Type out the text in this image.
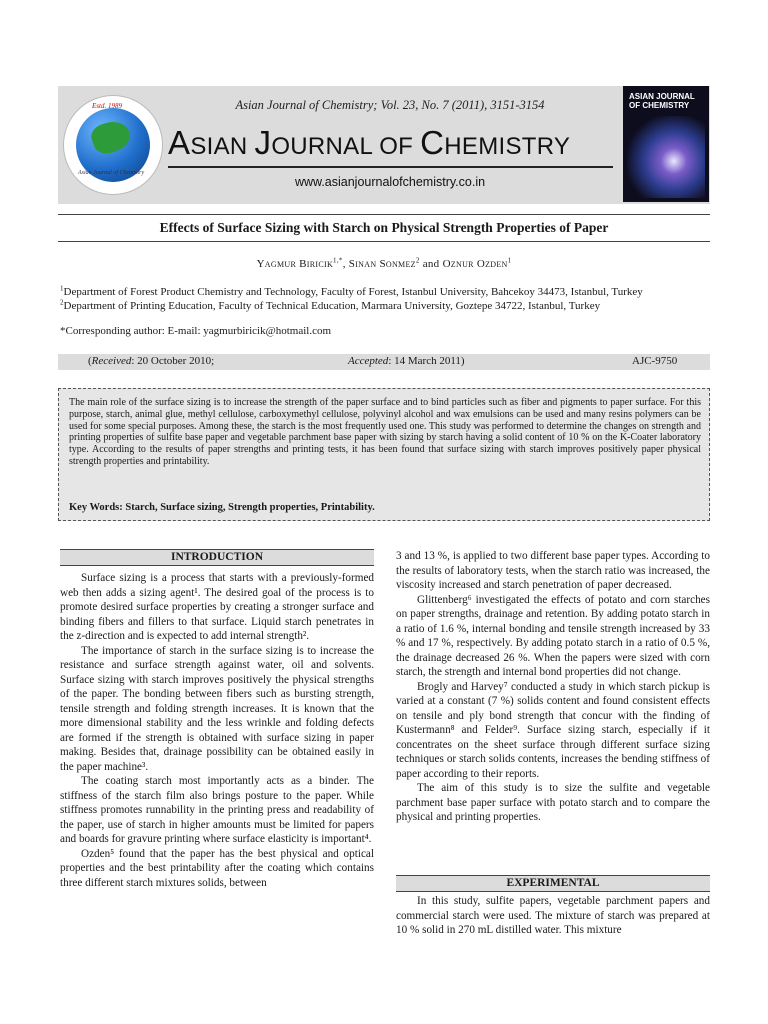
Estd. 1989
Asian Journal of Chemistry
Asian Journal of Chemistry; Vol. 23, No. 7 (2011), 3151-3154
ASIAN JOURNAL OF CHEMISTRY
www.asianjournalofchemistry.co.in
ASIAN JOURNAL OF CHEMISTRY
Effects of Surface Sizing with Starch on Physical Strength Properties of Paper
Yagmur Biricik$^{1,*}$, Sinan Sonmez$^2$ and Oznur Ozden$^1$
$^1$Department of Forest Product Chemistry and Technology, Faculty of Forest, Istanbul University, Bahcekoy 34473, Istanbul, Turkey
$^2$Department of Printing Education, Faculty of Technical Education, Marmara University, Goztepe 34722, Istanbul, Turkey
*Corresponding author: E-mail: yagmurbiricik@hotmail.com
(Received: 20 October 2010;	Accepted: 14 March 2011)	AJC-9750
The main role of the surface sizing is to increase the strength of the paper surface and to bind particles such as fiber and pigments to paper surface. For this purpose, starch, animal glue, methyl cellulose, carboxymethyl cellulose, polyvinyl alcohol and wax emulsions can be used and many resins polymers can be used for some special purposes. Among these, the starch is the most frequently used one. This study was performed to determine the changes on strength and printing properties of sulfite base paper and vegetable parchment base paper with sizing by starch having a solid content of 10 % on the K-Coater laboratory type. According to the results of paper strengths and printing tests, it has been found that surface sizing with starch improves positively paper physical strength properties and printability.
Key Words: Starch, Surface sizing, Strength properties, Printability.
INTRODUCTION

Surface sizing is a process that starts with a previously-formed web then adds a sizing agent¹. The desired goal of the process is to promote desired surface properties by creating a stronger surface and binding fibers and fillers to that surface. Liquid starch penetrates in the z-direction and is expected to add internal strength².

The importance of starch in the surface sizing is to increase the resistance and surface strength against water, oil and solvents. Surface sizing with starch improves positively the physical strengths of the paper. The bonding between fibers such as bursting strength, tensile strength and folding strength increases. It is known that the more dimensional stability and the less wrinkle and folding defects are formed if the strength is obtained with surface sizing in paper making. Besides that, drainage possibility can be obtained easily in the paper machine³.

The coating starch most importantly acts as a binder. The stiffness of the starch film also brings posture to the paper. While stiffness promotes runnability in the printing press and readability of the paper, use of starch in higher amounts must be limited for papers and boards for gravure printing where surface elasticity is important⁴.

Ozden⁵ found that the paper has the best physical and optical properties and the best printability after the coating which contains three different starch mixtures solids, between

3 and 13 %, is applied to two different base paper types. According to the results of laboratory tests, when the starch ratio was increased, the viscosity increased and starch penetration of paper decreased.

Glittenberg⁶ investigated the effects of potato and corn starches on paper strengths, drainage and retention. By adding potato starch in a ratio of 1.6 %, internal bonding and tensile strength increased by 33 % and 17 %, respectively. By adding potato starch in a ratio of 0.5 %, the drainage decreased 26 %. When the papers were sized with corn starch, the strength and internal bond properties did not change.

Brogly and Harvey⁷ conducted a study in which starch pickup is varied at a constant (7 %) solids content and found consistent effects on tensile and ply bond strength that concur with the finding of Kustermann⁸ and Felder⁹. Surface sizing starch, especially if it concentrates on the sheet surface through different surface sizing techniques or starch solids contents, increases the bending stiffness of paper according to their reports.

The aim of this study is to size the sulfite and vegetable parchment base paper surface with potato starch and to compare the physical and printing properties.

EXPERIMENTAL

In this study, sulfite papers, vegetable parchment papers and commercial starch were used. The mixture of starch was prepared at 10 % solid in 270 mL distilled water. This mixture
